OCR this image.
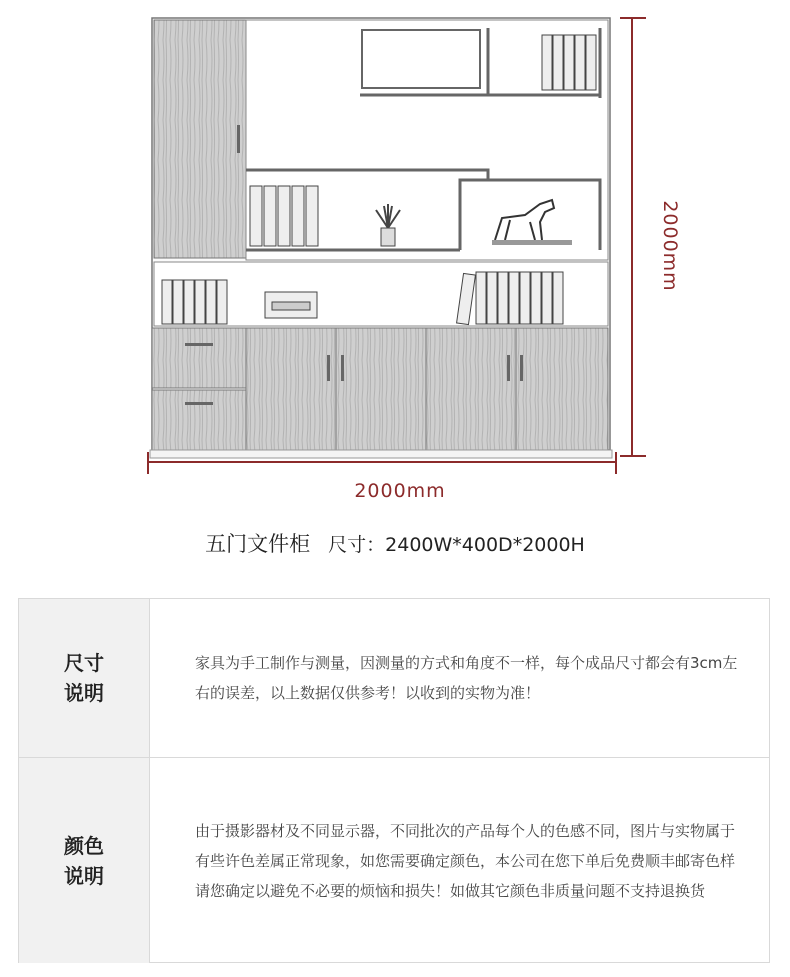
2000mm
2000mm
五门文件柜 尺寸：2400W*400D*2000H
尺寸
说明
家具为手工制作与测量，因测量的方式和角度不一样，每个成品尺寸都会有3cm左右的误差，以上数据仅供参考！以收到的实物为准！
颜色
说明
由于摄影器材及不同显示器，不同批次的产品每个人的色感不同，图片与实物属于有些许色差属正常现象，如您需要确定颜色，本公司在您下单后免费顺丰邮寄色样请您确定以避免不必要的烦恼和损失！如做其它颜色非质量问题不支持退换货
